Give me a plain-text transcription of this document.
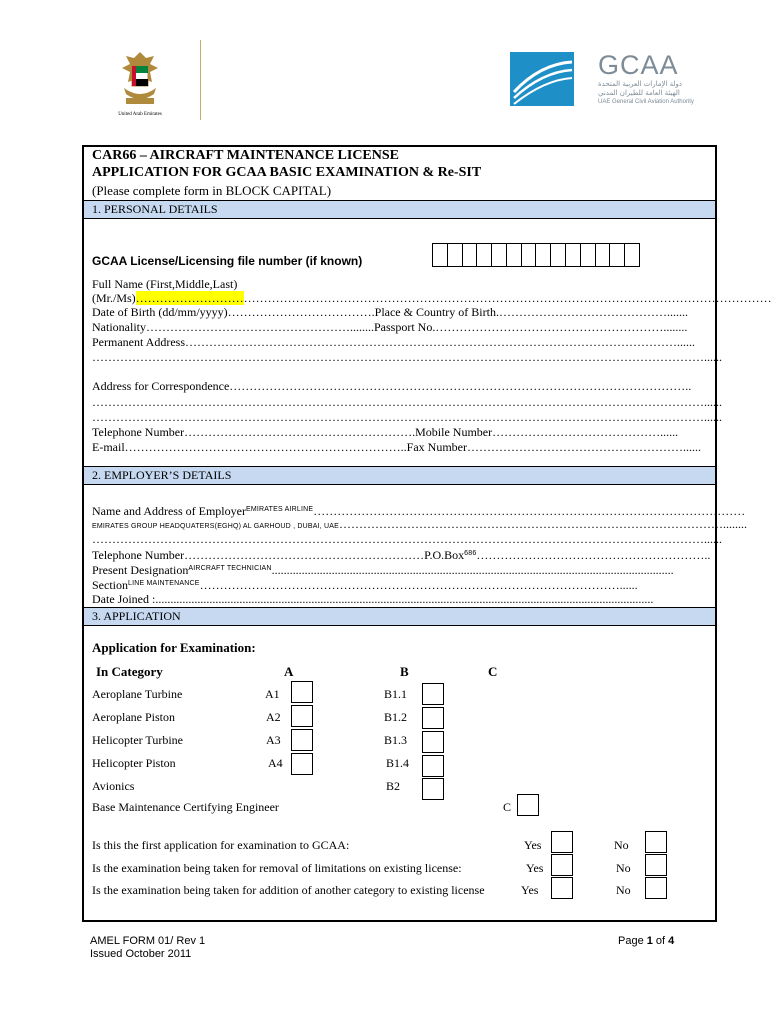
United Arab Emirates
GCAA
دولة الإمارات العربية المتحدة
الهيئة العامة للطيران المدني
UAE General Civil Aviation Authority
CAR66 – AIRCRAFT MAINTENANCE LICENSE
APPLICATION FOR GCAA BASIC EXAMINATION & Re-SIT
(Please complete form in BLOCK CAPITAL)
1. PERSONAL DETAILS
GCAA License/Licensing file number (if known)
Full Name (First,Middle,Last)
(Mr./Ms)……………………………………………………………………………………………………………………………………………
Date of Birth (dd/mm/yyyy)……………………………….Place & Country of Birth.…………………………………….......
Nationality……………………………………………........Passport No.…………………………………………………........
Permanent Address……………………………………………………………………………………………………………......
………………………………………………………………………………………………………………………………………......
Address for Correspondence……………………………………………………………………………………………………..
………………………………………………………………………………………………………………………………………......
………………………………………………………………………………………………………………………………………......
Telephone Number………………………………………………….Mobile Number……………………………………......
E-mail……………………………………………………………..Fax Number………………………………………………......
2. EMPLOYER’S DETAILS
Name and Address of Employer$^{EMIRATES AIRLINE}$………………………………………………………………………………………………
EMIRATES GROUP HEADQUATERS(EGHQ) AL GARHOUD , DUBAI, UAE……………………………………………………………………………………........
………………………………………………………………………………………………………………………………………......
Telephone Number……………………………………………………P.O.Box$^{686}$…………………………………………………..
Present Designation$^{AIRCRAFT TECHNICIAN}$......................................................................................................................................
Section$^{LINE MAINTENANCE}$……………………………………………………………………………………………......
Date Joined :......................................................................................................................................................................
3. APPLICATION
Application for Examination:
In Category	A	B	C
Aeroplane Turbine	A1	B1.1
Aeroplane Piston	A2	B1.2
Helicopter Turbine	A3	B1.3
Helicopter Piston	A4	B1.4
Avionics	B2
Base Maintenance Certifying Engineer	C
Is this the first application for examination to GCAA:	Yes	No
Is the examination being taken for removal of limitations on existing license:	Yes	No
Is the examination being taken for addition of another category to existing license	Yes	No
AMEL FORM 01/ Rev 1
Issued October 2011
Page 1 of 4
